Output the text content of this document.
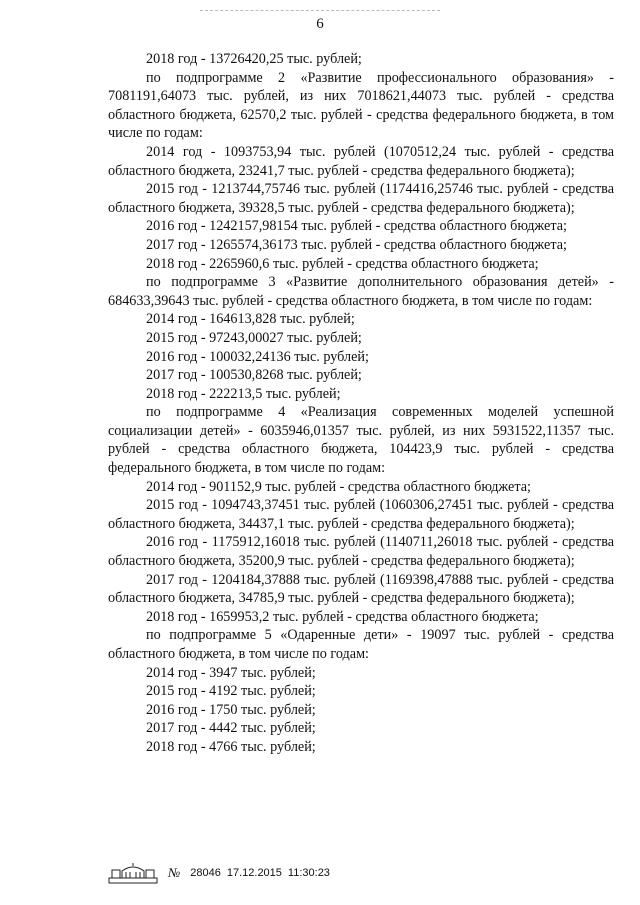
6

2018 год - 13726420,25 тыс. рублей;

по подпрограмме 2 «Развитие профессионального образования» - 7081191,64073 тыс. рублей, из них 7018621,44073 тыс. рублей - средства областного бюджета, 62570,2 тыс. рублей - средства федерального бюджета, в том числе по годам:

2014 год - 1093753,94 тыс. рублей (1070512,24 тыс. рублей - средства областного бюджета, 23241,7 тыс. рублей - средства федерального бюджета);

2015 год - 1213744,75746 тыс. рублей (1174416,25746 тыс. рублей - средства областного бюджета, 39328,5 тыс. рублей - средства федерального бюджета);

2016 год - 1242157,98154 тыс. рублей - средства областного бюджета;

2017 год - 1265574,36173 тыс. рублей - средства областного бюджета;

2018 год - 2265960,6 тыс. рублей - средства областного бюджета;

по подпрограмме 3 «Развитие дополнительного образования детей» - 684633,39643 тыс. рублей - средства областного бюджета, в том числе по годам:

2014 год - 164613,828 тыс. рублей;

2015 год - 97243,00027 тыс. рублей;

2016 год - 100032,24136 тыс. рублей;

2017 год - 100530,8268 тыс. рублей;

2018 год - 222213,5 тыс. рублей;

по подпрограмме 4 «Реализация современных моделей успешной социализации детей» - 6035946,01357 тыс. рублей, из них 5931522,11357 тыс. рублей - средства областного бюджета, 104423,9 тыс. рублей - средства федерального бюджета, в том числе по годам:

2014 год - 901152,9 тыс. рублей - средства областного бюджета;

2015 год - 1094743,37451 тыс. рублей (1060306,27451 тыс. рублей - средства областного бюджета, 34437,1 тыс. рублей - средства федерального бюджета);

2016 год - 1175912,16018 тыс. рублей (1140711,26018 тыс. рублей - средства областного бюджета, 35200,9 тыс. рублей - средства федерального бюджета);

2017 год - 1204184,37888 тыс. рублей (1169398,47888 тыс. рублей - средства областного бюджета, 34785,9 тыс. рублей - средства федерального бюджета);

2018 год - 1659953,2 тыс. рублей - средства областного бюджета;

по подпрограмме 5 «Одаренные дети» - 19097 тыс. рублей - средства областного бюджета, в том числе по годам:

2014 год - 3947 тыс. рублей;

2015 год - 4192 тыс. рублей;

2016 год - 1750 тыс. рублей;

2017 год - 4442 тыс. рублей;

2018 год - 4766 тыс. рублей;

№ 28046 17.12.2015 11:30:23
